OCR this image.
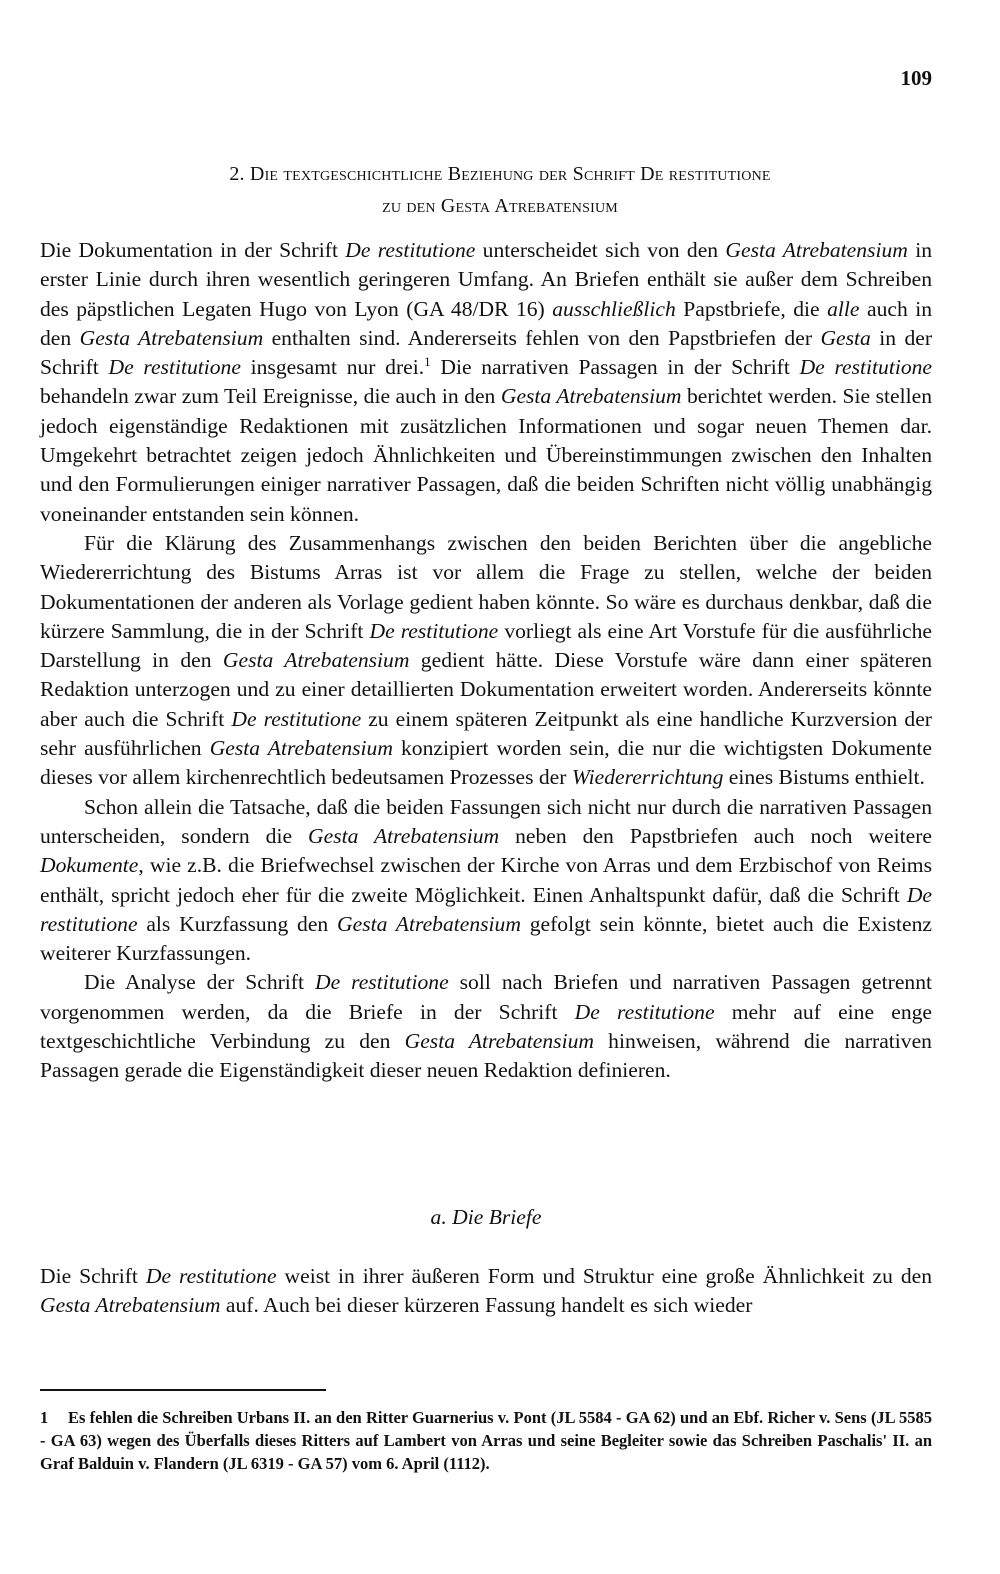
109
2. Die textgeschichtliche Beziehung der Schrift De restitutione
zu den Gesta Atrebatensium

Die Dokumentation in der Schrift De restitutione unterscheidet sich von den Gesta Atrebatensium in erster Linie durch ihren wesentlich geringeren Umfang. An Briefen enthält sie außer dem Schreiben des päpstlichen Legaten Hugo von Lyon (GA 48/DR 16) ausschließlich Papstbriefe, die alle auch in den Gesta Atrebatensium enthalten sind. Andererseits fehlen von den Papstbriefen der Gesta in der Schrift De restitutione insgesamt nur drei.$^1$ Die narrativen Passagen in der Schrift De restitutione behandeln zwar zum Teil Ereignisse, die auch in den Gesta Atrebatensium berichtet werden. Sie stellen jedoch eigenständige Redaktionen mit zusätzlichen Informationen und sogar neuen Themen dar. Umgekehrt betrachtet zeigen jedoch Ähnlichkeiten und Übereinstimmungen zwischen den Inhalten und den Formulierungen einiger narrativer Passagen, daß die beiden Schriften nicht völlig unabhängig voneinander entstanden sein können.

Für die Klärung des Zusammenhangs zwischen den beiden Berichten über die angebliche Wiedererrichtung des Bistums Arras ist vor allem die Frage zu stellen, welche der beiden Dokumentationen der anderen als Vorlage gedient haben könnte. So wäre es durchaus denkbar, daß die kürzere Sammlung, die in der Schrift De restitutione vorliegt als eine Art Vorstufe für die ausführliche Darstellung in den Gesta Atrebatensium gedient hätte. Diese Vorstufe wäre dann einer späteren Redaktion unterzogen und zu einer detaillierten Dokumentation erweitert worden. Andererseits könnte aber auch die Schrift De restitutione zu einem späteren Zeitpunkt als eine handliche Kurzversion der sehr ausführlichen Gesta Atrebatensium konzipiert worden sein, die nur die wichtigsten Dokumente dieses vor allem kirchenrechtlich bedeutsamen Prozesses der Wiedererrichtung eines Bistums enthielt.

Schon allein die Tatsache, daß die beiden Fassungen sich nicht nur durch die narrativen Passagen unterscheiden, sondern die Gesta Atrebatensium neben den Papstbriefen auch noch weitere Dokumente, wie z.B. die Briefwechsel zwischen der Kirche von Arras und dem Erzbischof von Reims enthält, spricht jedoch eher für die zweite Möglichkeit. Einen Anhaltspunkt dafür, daß die Schrift De restitutione als Kurzfassung den Gesta Atrebatensium gefolgt sein könnte, bietet auch die Existenz weiterer Kurzfassungen.

Die Analyse der Schrift De restitutione soll nach Briefen und narrativen Passagen getrennt vorgenommen werden, da die Briefe in der Schrift De restitutione mehr auf eine enge textgeschichtliche Verbindung zu den Gesta Atrebatensium hinweisen, während die narrativen Passagen gerade die Eigenständigkeit dieser neuen Redaktion definieren.

a. Die Briefe

Die Schrift De restitutione weist in ihrer äußeren Form und Struktur eine große Ähnlichkeit zu den Gesta Atrebatensium auf. Auch bei dieser kürzeren Fassung handelt es sich wieder

1 Es fehlen die Schreiben Urbans II. an den Ritter Guarnerius v. Pont (JL 5584 - GA 62) und an Ebf. Richer v. Sens (JL 5585 - GA 63) wegen des Überfalls dieses Ritters auf Lambert von Arras und seine Begleiter sowie das Schreiben Paschalis' II. an Graf Balduin v. Flandern (JL 6319 - GA 57) vom 6. April (1112).
